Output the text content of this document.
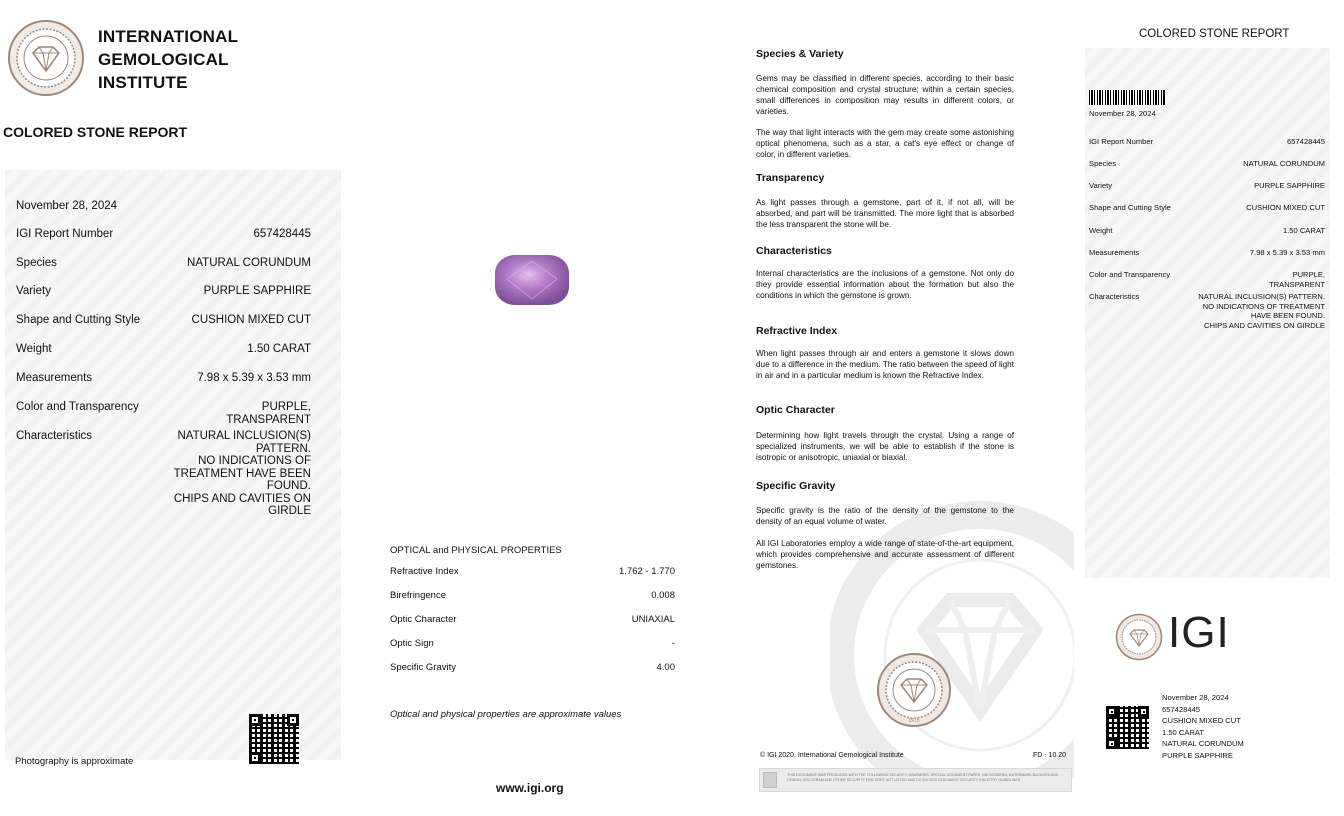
INTERNATIONAL
GEMOLOGICAL
INSTITUTE
COLORED STONE REPORT
November 28, 2024
IGI Report Number	657428445
Species	NATURAL CORUNDUM
Variety	PURPLE SAPPHIRE
Shape and Cutting Style	CUSHION MIXED CUT
Weight	1.50 CARAT
Measurements	7.98 x 5.39 x 3.53 mm
Color and Transparency	PURPLE,
TRANSPARENT
Characteristics	NATURAL INCLUSION(S)
PATTERN.
NO INDICATIONS OF
TREATMENT HAVE BEEN
FOUND.
CHIPS AND CAVITIES ON
GIRDLE
Photography is approximate
OPTICAL and PHYSICAL PROPERTIES
Refractive Index	1.762 - 1.770
Birefringence	0.008
Optic Character	UNIAXIAL
Optic Sign	-
Specific Gravity	4.00
Optical and physical properties are approximate values
www.igi.org
Species & Variety
Gems may be classified in different species, according to their basic chemical composition and crystal structure; within a certain species, small differences in composition may results in different colors, or varieties.
The way that light interacts with the gem may create some astonishing optical phenomena, such as a star, a cat's eye effect or change of color, in different varieties.
Transparency
As light passes through a gemstone, part of it, if not all, will be absorbed, and part will be transmitted. The more light that is absorbed the less transparent the stone will be.
Characteristics
Internal characteristics are the inclusions of a gemstone. Not only do they provide essential information about the formation but also the conditions in which the gemstone is grown.
Refractive Index
When light passes through air and enters a gemstone it slows down due to a difference in the medium. The ratio between the speed of light in air and in a particular medium is known the Refractive Index.
Optic Character
Determining how light travels through the crystal. Using a range of specialized instruments, we will be able to establish if the stone is isotropic or anisotropic, uniaxial or biaxial.
Specific Gravity
Specific gravity is the ratio of the density of the gemstone to the density of an equal volume of water.
All IGI Laboratories employ a wide range of state-of-the-art equipment, which provides comprehensive and accurate assessment of different gemstones.
1975
© IGI 2020, International Gemological Institute	FD - 10 20
THIS DOCUMENT WAS PRODUCED WITH THE FOLLOWING SECURITY MEASURES: SPECIAL DOCUMENT PAPER, INK SCREENS, WATERMARK BACKGROUND DESIGN, HOLOGRAM AND OTHER SECURITY FEATURES NOT LISTED AND DO EXCEED DOCUMENT SECURITY INDUSTRY GUIDELINES
COLORED STONE REPORT
November 28, 2024
IGI Report Number	657428445
Species	NATURAL CORUNDUM
Variety	PURPLE SAPPHIRE
Shape and Cutting Style	CUSHION MIXED CUT
Weight	1.50 CARAT
Measurements	7.98 x 5.39 x 3.53 mm
Color and Transparency	PURPLE,
TRANSPARENT
Characteristics	NATURAL INCLUSION(S) PATTERN.
NO INDICATIONS OF TREATMENT
HAVE BEEN FOUND.
CHIPS AND CAVITIES ON GIRDLE
IGI
November 28, 2024
657428445
CUSHION MIXED CUT
1.50 CARAT
NATURAL CORUNDUM
PURPLE SAPPHIRE
